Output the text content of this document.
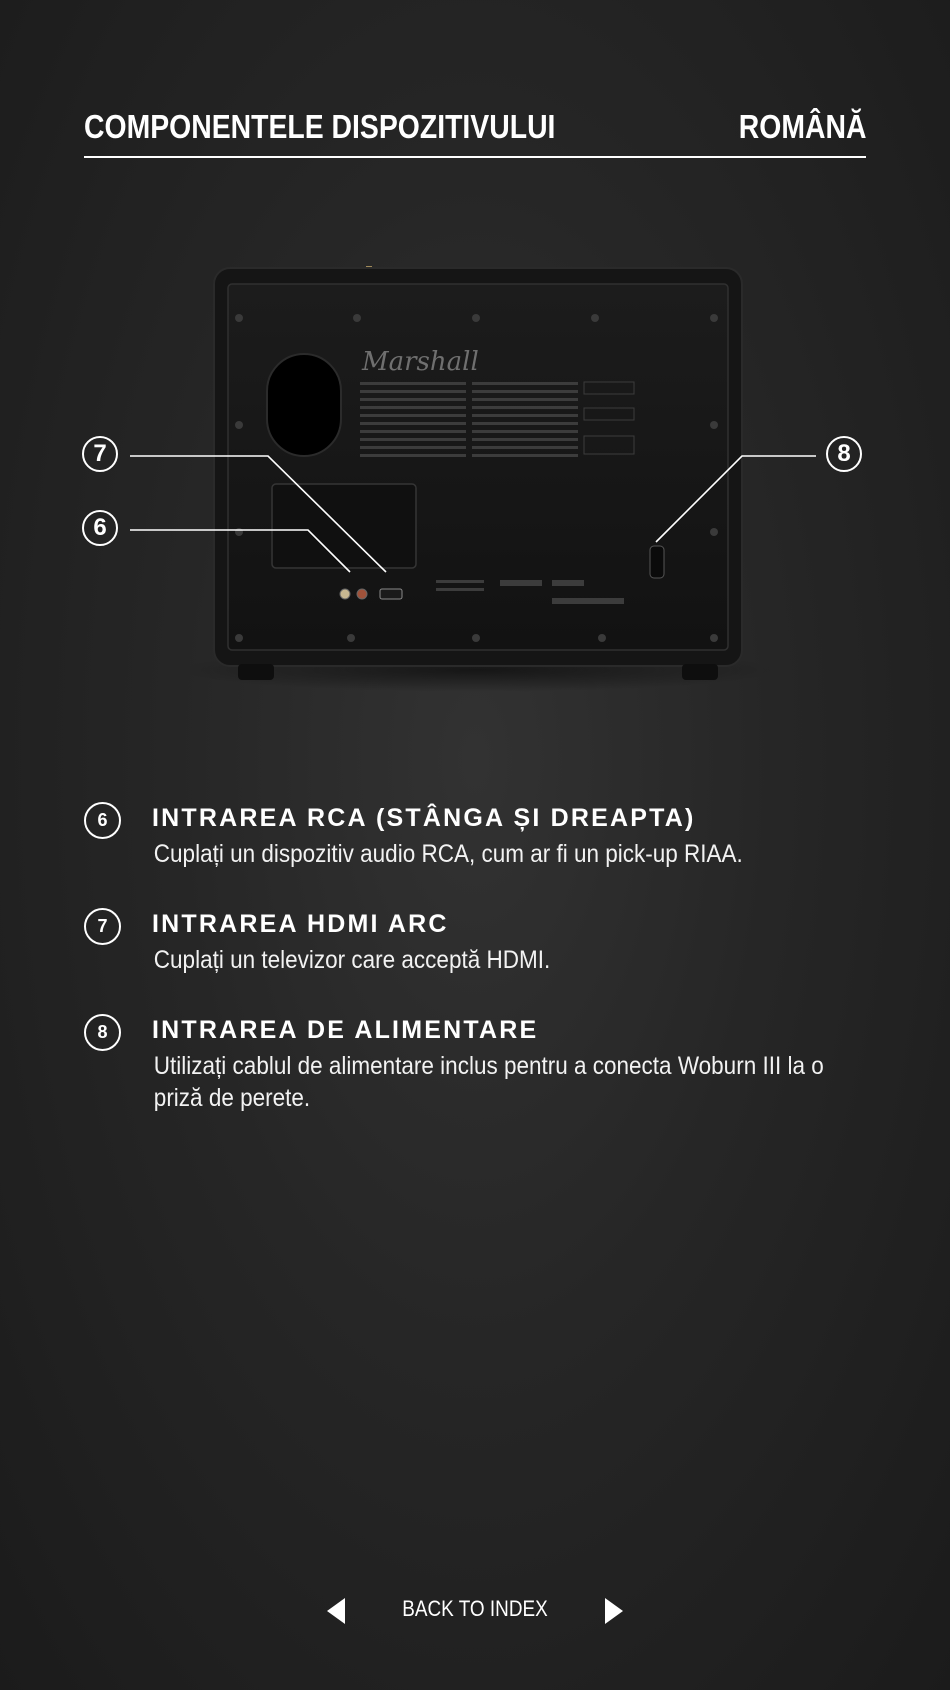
COMPONENTELE DISPOZITIVULUI	ROMÂNĂ
Marshall
7
6
8
6	INTRAREA RCA (STÂNGA ȘI DREAPTA)
Cuplați un dispozitiv audio RCA, cum ar fi un pick-up RIAA.
7	INTRAREA HDMI ARC
Cuplați un televizor care acceptă HDMI.
8	INTRAREA DE ALIMENTARE
Utilizați cablul de alimentare inclus pentru a conecta Woburn III la o priză de perete.
BACK TO INDEX
